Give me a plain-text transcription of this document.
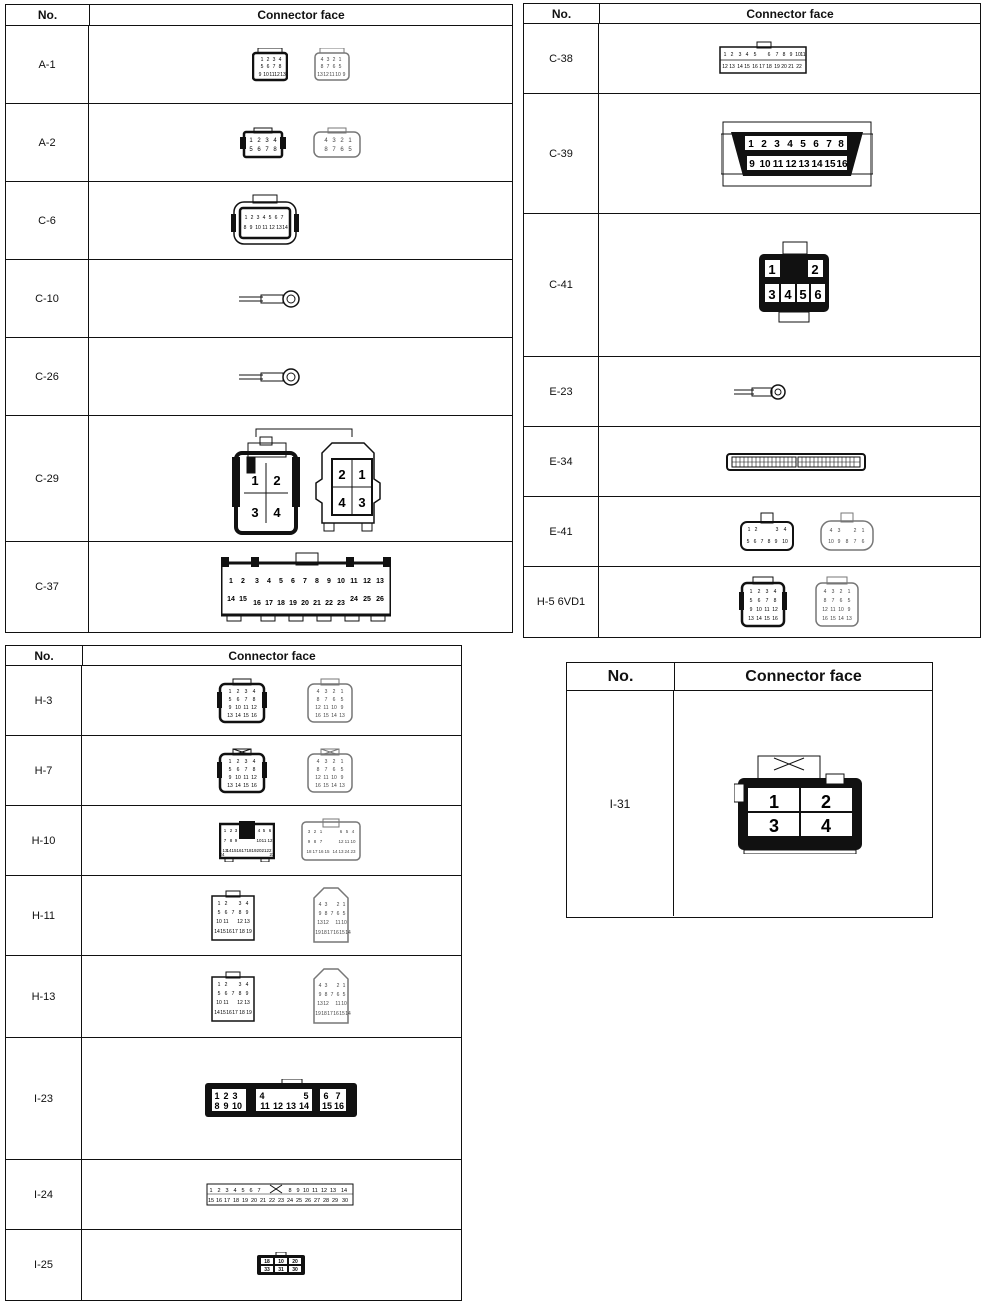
No.	Connector face
A-1	1 2 3 4
5 6 7 8
9 10 11 12 13
4 3 2 1
8 7 6 5
13 12 11 10 9
A-2	1 2 3 4
5 6 7 8
4 3 2 1
8 7 6 5
C-6	1 2 3 4 5 6 7
8 9 10 11 12 13 14
C-10
C-26
C-29	1 2
3 4
2 1
4 3
C-37	1 2 3 4 5 6 7 8 9 10 11 12 13
14 15
16 17 18 19 20 21 22 23
24 25 26
No.	Connector face
C-38	1 2 3 4 5 6 7 8 9 10 11
12 13 14 15 16 17 18 19 20 21 22
C-39
1 2 3 4 5 6 7 8
9 10 11 12 13 14 15 16
C-41
1	2
3 4 5 6
E-23
E-34
E-41	1 2	3 4
5 6 7 8 9 10
4 3	2 1
10 9 8 7 6
H-5 6VD1
1 2 3 4
5 6 7 8
9 10 11 12
13 14 15 16
4 3 2 1
8 7 6 5
12 11 10 9
16 15 14 13
No.	Connector face
H-3
1 2 3 4
5 6 7 8
9 10 11 12
13 14 15 16
4 3 2 1
8 7 6 5
12 11 10 9
16 15 14 13
H-7
1 2 3 4
5 6 7 8
9 10 11 12
13 14 15 16
4 3 2 1
8 7 6 5
12 11 10 9
16 15 14 13
H-10
1 2 3	4 5 6
7 8 9	10 11 12
13
14 15 16 17 18 19 20 21 22
23
24
3 2 1	6 5 4
9 8 7	12 11 10
18 17 16 15 14 13 24 23
H-11
1 2 3 4
5 6 7 8 9
10 11 12 13
14 15 16 17 18 19
4 3 2 1
9 8 7 6 5
13 12 11 10
19 18 17 16 15 14
H-13
1 2 3 4
5 6 7 8 9
10 11 12 13
14 15 16 17 18 19
4 3 2 1
9 8 7 6 5
13 12 11 10
19 18 17 16 15 14
I-23	1 2 3 4	5 6 7
8 9 10 11 12 13 14 15 16
I-24	1 2 3 4 5 6 7	8 9 10 11 12 13 14
15 16 17 18 19 20 21 22 23 24 25 26 27 28 29 30
I-25	18 10 20
33 31 30
No.	Connector face
I-31	1 2
3 4
